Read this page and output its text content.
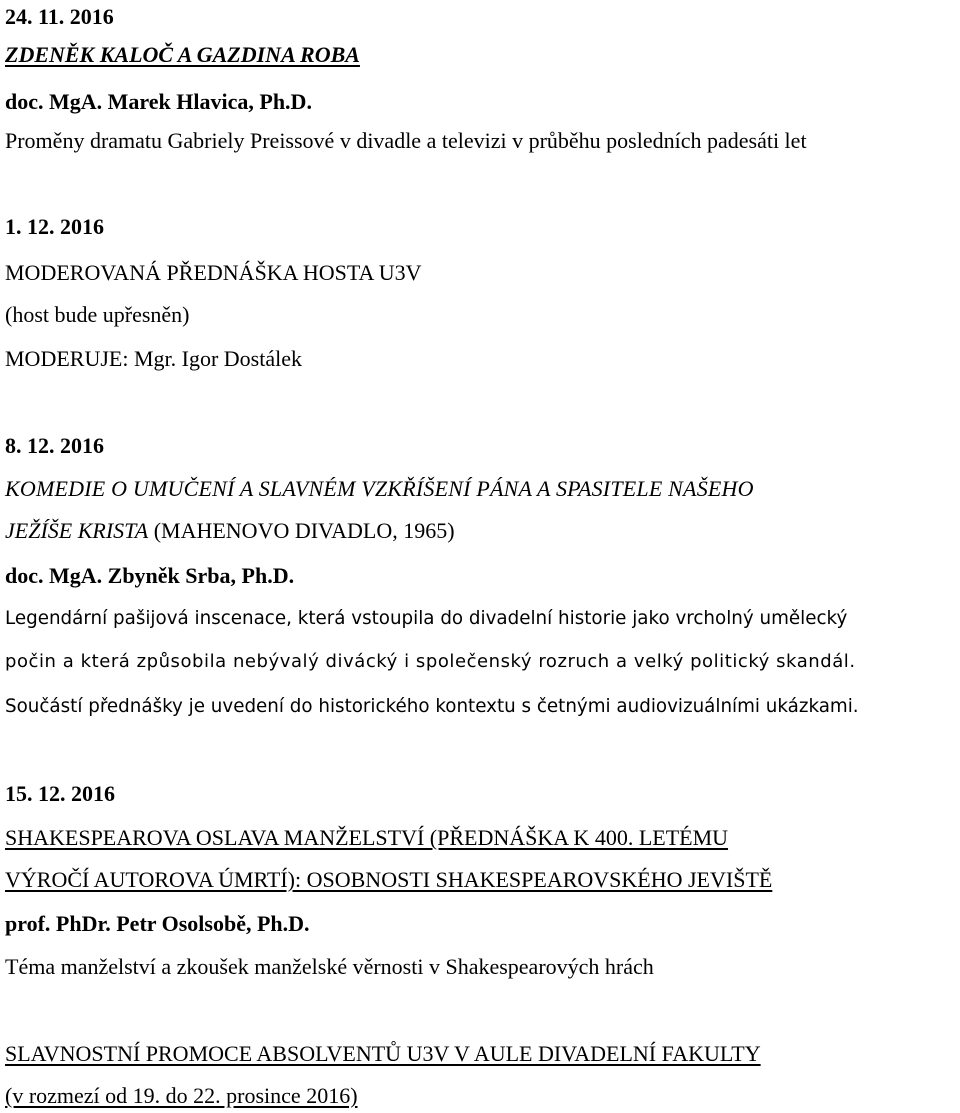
24. 11. 2016
ZDENĚK KALOČ A GAZDINA ROBA
doc. MgA. Marek Hlavica, Ph.D.
Proměny dramatu Gabriely Preissové v divadle a televizi v průběhu posledních padesáti let
1. 12. 2016
MODEROVANÁ PŘEDNÁŠKA HOSTA U3V
(host bude upřesněn)
MODERUJE: Mgr. Igor Dostálek
8. 12. 2016
KOMEDIE O UMUČENÍ A SLAVNÉM VZKŘÍŠENÍ PÁNA A SPASITELE NAŠEHO
JEŽÍŠE KRISTA (MAHENOVO DIVADLO, 1965)
doc. MgA. Zbyněk Srba, Ph.D.
Legendární pašijová inscenace, která vstoupila do divadelní historie jako vrcholný umělecký
počin a která způsobila nebývalý divácký i společenský rozruch a velký politický skandál.
Součástí přednášky je uvedení do historického kontextu s četnými audiovizuálními ukázkami.
15. 12. 2016
SHAKESPEAROVA OSLAVA MANŽELSTVÍ (PŘEDNÁŠKA K 400. LETÉMU
VÝROČÍ AUTOROVA ÚMRTÍ): OSOBNOSTI SHAKESPEAROVSKÉHO JEVIŠTĚ
prof. PhDr. Petr Osolsobě, Ph.D.
Téma manželství a zkoušek manželské věrnosti v Shakespearových hrách
SLAVNOSTNÍ PROMOCE ABSOLVENTŮ U3V V AULE DIVADELNÍ FAKULTY
(v rozmezí od 19. do 22. prosince 2016)
